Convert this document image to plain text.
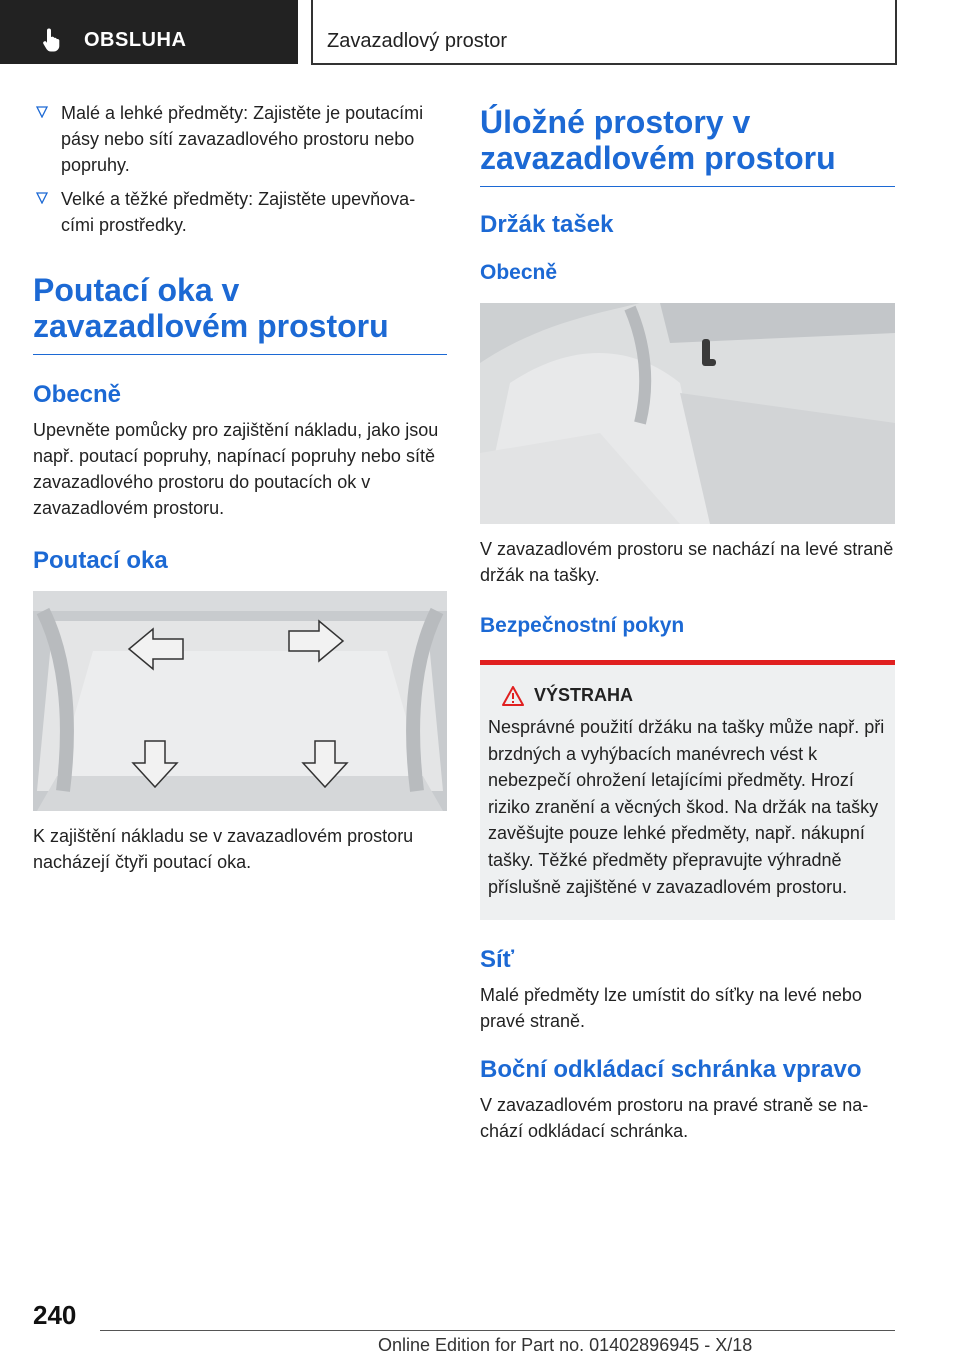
OBSLUHA	Zavazadlový prostor
Malé a lehké předměty: Zajistěte je poutacími pásy nebo sítí zavazadlového prostoru nebo popruhy.
Velké a těžké předměty: Zajistěte upevňova-cími prostředky.
Poutací oka v zavazadlovém prostoru
Obecně

Upevněte pomůcky pro zajištění nákladu, jako jsou např. poutací popruhy, napínací popruhy nebo sítě zavazadlového prostoru do poutacích ok v zavazadlovém prostoru.

Poutací oka

K zajištění nákladu se v zavazadlovém prostoru nacházejí čtyři poutací oka.

Úložné prostory v zavazadlovém prostoru
Držák tašek
Obecně

V zavazadlovém prostoru se nachází na levé straně držák na tašky.

Bezpečnostní pokyn
VÝSTRAHA

Nesprávné použití držáku na tašky může např. při brzdných a vyhýbacích manévrech vést k nebezpečí ohrožení letajícími předměty. Hrozí riziko zranění a věcných škod. Na držák na tašky zavěšujte pouze lehké předměty, např. nákupní tašky. Těžké předměty přepravujte výhradně příslušně zajištěné v zavazadlovém prostoru.

Síť

Malé předměty lze umístit do síťky na levé nebo pravé straně.

Boční odkládací schránka vpravo

V zavazadlovém prostoru na pravé straně se na-chází odkládací schránka.

240
Online Edition for Part no. 01402896945 - X/18
